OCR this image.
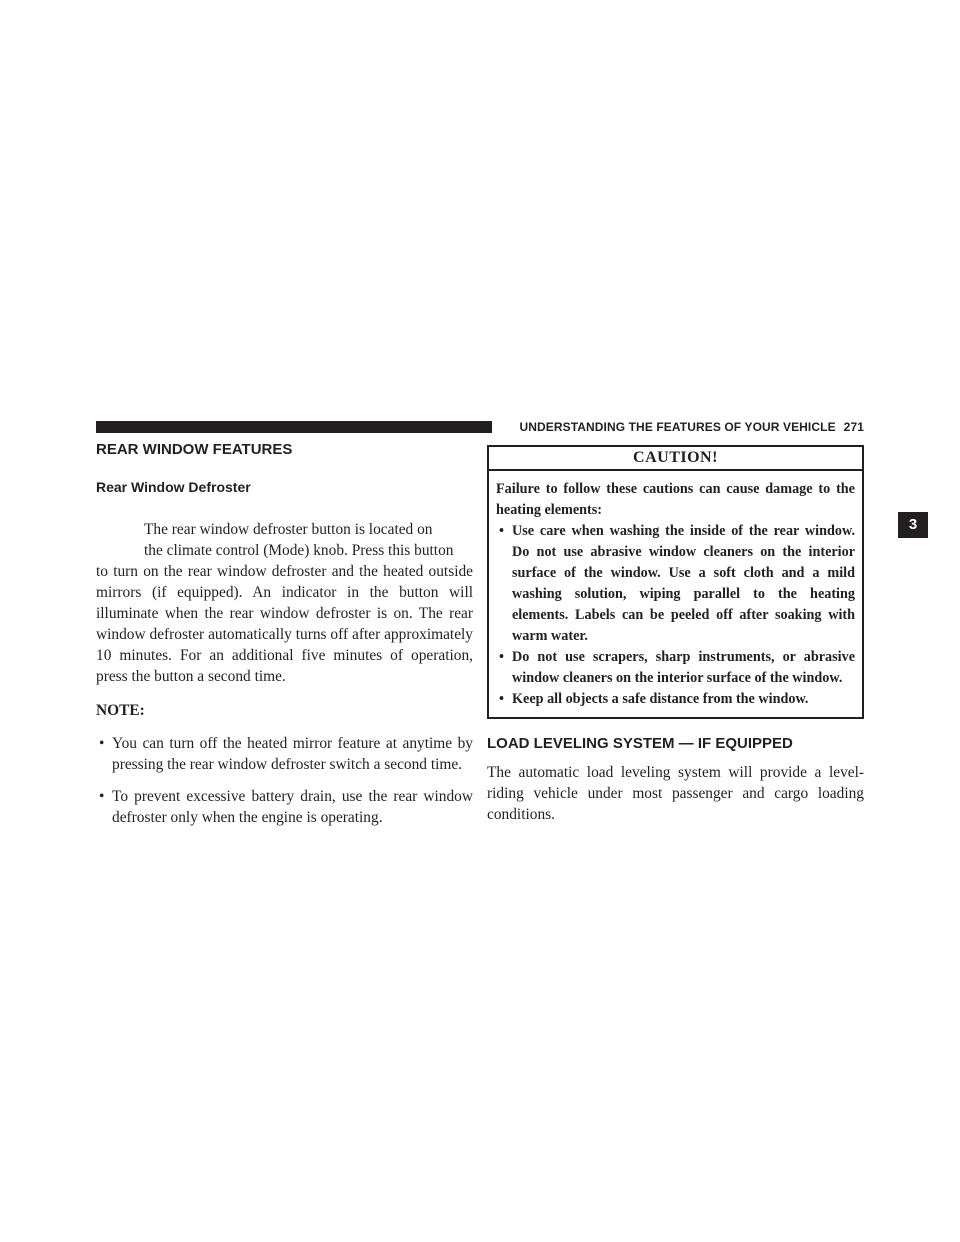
UNDERSTANDING THE FEATURES OF YOUR VEHICLE 271
3
REAR WINDOW FEATURES
Rear Window Defroster

The rear window defroster button is located on

the climate control (Mode) knob. Press this button

to turn on the rear window defroster and the heated outside mirrors (if equipped). An indicator in the button will illuminate when the rear window defroster is on. The rear window defroster automatically turns off after approximately 10 minutes. For an additional five minutes of operation, press the button a second time.

NOTE:

• You can turn off the heated mirror feature at anytime by pressing the rear window defroster switch a second time.
• To prevent excessive battery drain, use the rear window defroster only when the engine is operating.
CAUTION!

Failure to follow these cautions can cause damage to the heating elements:

• Use care when washing the inside of the rear window. Do not use abrasive window cleaners on the interior surface of the window. Use a soft cloth and a mild washing solution, wiping parallel to the heating elements. Labels can be peeled off after soaking with warm water.
• Do not use scrapers, sharp instruments, or abrasive window cleaners on the interior surface of the window.
• Keep all objects a safe distance from the window.
LOAD LEVELING SYSTEM — IF EQUIPPED

The automatic load leveling system will provide a level-riding vehicle under most passenger and cargo loading conditions.
